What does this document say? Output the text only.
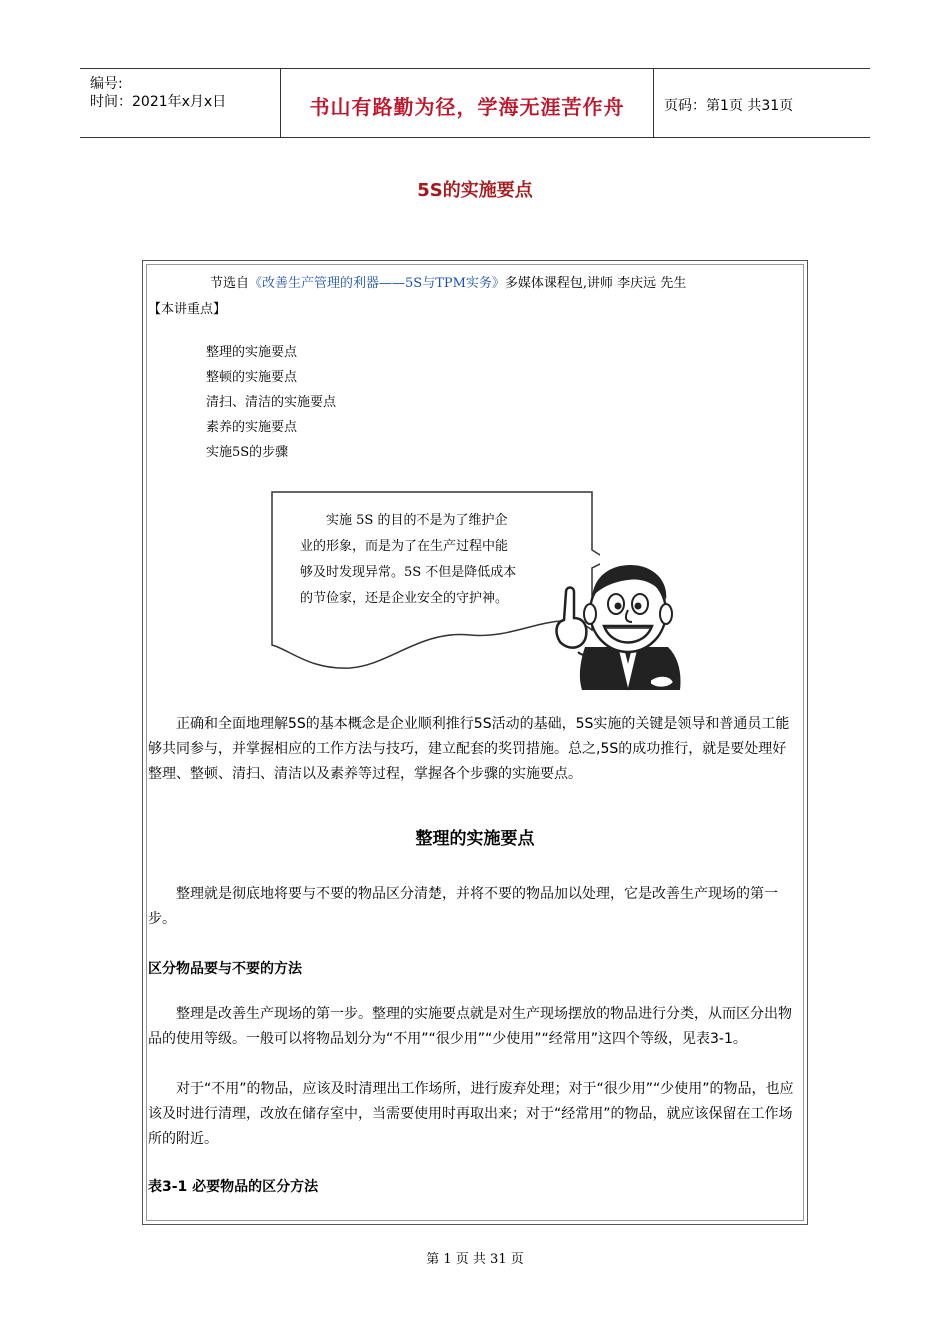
编号:
时间：2021年x月x日	书山有路勤为径，学海无涯苦作舟	页码：第1页 共31页
5S的实施要点
节选自《改善生产管理的利器——5S与TPM实务》多媒体课程包,讲师 李庆远 先生
【本讲重点】
整理的实施要点
整顿的实施要点
清扫、清洁的实施要点
素养的实施要点
实施5S的步骤
实施 5S 的目的不是为了维护企
业的形象，而是为了在生产过程中能
够及时发现异常。5S 不但是降低成本
的节俭家，还是企业安全的守护神。

正确和全面地理解5S的基本概念是企业顺利推行5S活动的基础，5S实施的关键是领导和普通员工能够共同参与，并掌握相应的工作方法与技巧，建立配套的奖罚措施。总之,5S的成功推行，就是要处理好整理、整顿、清扫、清洁以及素养等过程，掌握各个步骤的实施要点。

整理的实施要点

整理就是彻底地将要与不要的物品区分清楚，并将不要的物品加以处理，它是改善生产现场的第一步。

区分物品要与不要的方法

整理是改善生产现场的第一步。整理的实施要点就是对生产现场摆放的物品进行分类，从而区分出物品的使用等级。一般可以将物品划分为“不用”“很少用”“少使用”“经常用”这四个等级，见表3-1。

对于“不用”的物品，应该及时清理出工作场所，进行废弃处理；对于“很少用”“少使用”的物品，也应该及时进行清理，改放在储存室中，当需要使用时再取出来；对于“经常用”的物品，就应该保留在工作场所的附近。

表3-1 必要物品的区分方法
第 1 页 共 31 页
